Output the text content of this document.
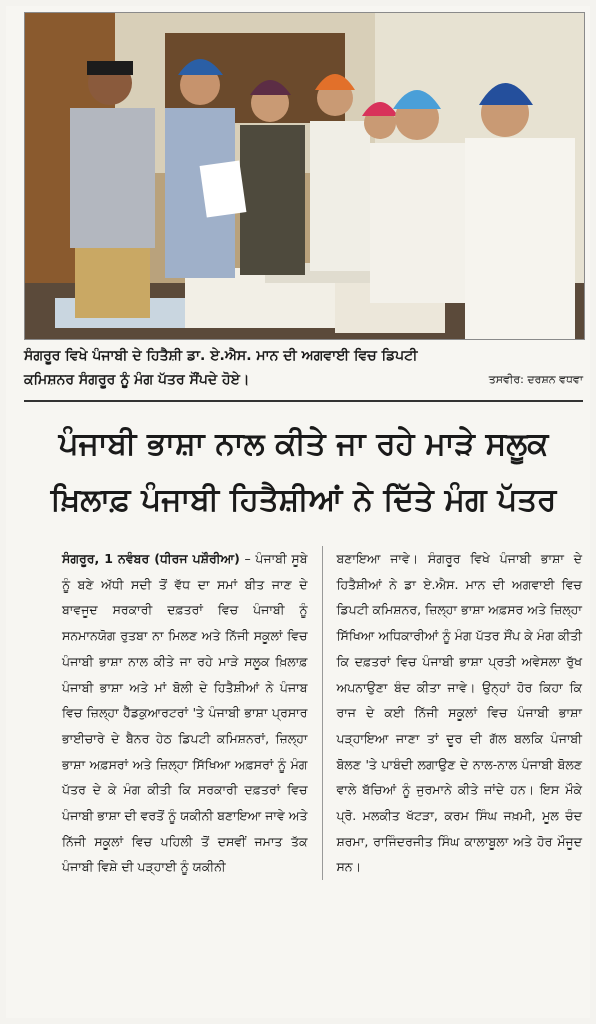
ਸੰਗਰੂਰ ਵਿਖੇ ਪੰਜਾਬੀ ਦੇ ਹਿਤੈਸ਼ੀ ਡਾ. ਏ.ਐਸ. ਮਾਨ ਦੀ ਅਗਵਾਈ ਵਿਚ ਡਿਪਟੀ
ਕਮਿਸ਼ਨਰ ਸੰਗਰੂਰ ਨੂੰ ਮੰਗ ਪੱਤਰ ਸੌਂਪਦੇ ਹੋਏ।	ਤਸਵੀਰ: ਦਰਸ਼ਨ ਵਧਵਾ
ਪੰਜਾਬੀ ਭਾਸ਼ਾ ਨਾਲ ਕੀਤੇ ਜਾ ਰਹੇ ਮਾੜੇ ਸਲੂਕ
ਖ਼ਿਲਾਫ਼ ਪੰਜਾਬੀ ਹਿਤੈਸ਼ੀਆਂ ਨੇ ਦਿੱਤੇ ਮੰਗ ਪੱਤਰ
ਸੰਗਰੂਰ, 1 ਨਵੰਬਰ (ਧੀਰਜ ਪਸ਼ੌਰੀਆ) – ਪੰਜਾਬੀ ਸੂਬੇ ਨੂੰ ਬਣੇ ਅੱਧੀ ਸਦੀ ਤੋਂ ਵੱਧ ਦਾ ਸਮਾਂ ਬੀਤ ਜਾਣ ਦੇ ਬਾਵਜੂਦ ਸਰਕਾਰੀ ਦਫ਼ਤਰਾਂ ਵਿਚ ਪੰਜਾਬੀ ਨੂੰ ਸਨਮਾਨਯੋਗ ਰੁਤਬਾ ਨਾ ਮਿਲਣ ਅਤੇ ਨਿੱਜੀ ਸਕੂਲਾਂ ਵਿਚ ਪੰਜਾਬੀ ਭਾਸ਼ਾ ਨਾਲ ਕੀਤੇ ਜਾ ਰਹੇ ਮਾੜੇ ਸਲੂਕ ਖ਼ਿਲਾਫ਼ ਪੰਜਾਬੀ ਭਾਸ਼ਾ ਅਤੇ ਮਾਂ ਬੋਲੀ ਦੇ ਹਿਤੈਸ਼ੀਆਂ ਨੇ ਪੰਜਾਬ ਵਿਚ ਜ਼ਿਲ੍ਹਾ ਹੈੱਡਕੁਆਰਟਰਾਂ 'ਤੇ ਪੰਜਾਬੀ ਭਾਸ਼ਾ ਪ੍ਰਸਾਰ ਭਾਈਚਾਰੇ ਦੇ ਬੈਨਰ ਹੇਠ ਡਿਪਟੀ ਕਮਿਸ਼ਨਰਾਂ, ਜ਼ਿਲ੍ਹਾ ਭਾਸ਼ਾ ਅਫ਼ਸਰਾਂ ਅਤੇ ਜ਼ਿਲ੍ਹਾ ਸਿੱਖਿਆ ਅਫ਼ਸਰਾਂ ਨੂੰ ਮੰਗ ਪੱਤਰ ਦੇ ਕੇ ਮੰਗ ਕੀਤੀ ਕਿ ਸਰਕਾਰੀ ਦਫ਼ਤਰਾਂ ਵਿਚ ਪੰਜਾਬੀ ਭਾਸ਼ਾ ਦੀ ਵਰਤੋਂ ਨੂੰ ਯਕੀਨੀ ਬਣਾਇਆ ਜਾਵੇ ਅਤੇ ਨਿੱਜੀ ਸਕੂਲਾਂ ਵਿਚ ਪਹਿਲੀ ਤੋਂ ਦਸਵੀਂ ਜਮਾਤ ਤੱਕ ਪੰਜਾਬੀ ਵਿਸ਼ੇ ਦੀ ਪੜ੍ਹਾਈ ਨੂੰ ਯਕੀਨੀ
ਬਣਾਇਆ ਜਾਵੇ। ਸੰਗਰੂਰ ਵਿਖੇ ਪੰਜਾਬੀ ਭਾਸ਼ਾ ਦੇ ਹਿਤੈਸ਼ੀਆਂ ਨੇ ਡਾ ਏ.ਐਸ. ਮਾਨ ਦੀ ਅਗਵਾਈ ਵਿਚ ਡਿਪਟੀ ਕਮਿਸ਼ਨਰ, ਜ਼ਿਲ੍ਹਾ ਭਾਸ਼ਾ ਅਫ਼ਸਰ ਅਤੇ ਜ਼ਿਲ੍ਹਾ ਸਿੱਖਿਆ ਅਧਿਕਾਰੀਆਂ ਨੂੰ ਮੰਗ ਪੱਤਰ ਸੌਂਪ ਕੇ ਮੰਗ ਕੀਤੀ ਕਿ ਦਫ਼ਤਰਾਂ ਵਿਚ ਪੰਜਾਬੀ ਭਾਸ਼ਾ ਪ੍ਰਤੀ ਅਵੇਸਲਾ ਰੁੱਖ ਅਪਨਾਉਣਾ ਬੰਦ ਕੀਤਾ ਜਾਵੇ। ਉਨ੍ਹਾਂ ਹੋਰ ਕਿਹਾ ਕਿ ਰਾਜ ਦੇ ਕਈ ਨਿੱਜੀ ਸਕੂਲਾਂ ਵਿਚ ਪੰਜਾਬੀ ਭਾਸ਼ਾ ਪੜ੍ਹਾਇਆ ਜਾਣਾ ਤਾਂ ਦੂਰ ਦੀ ਗੱਲ ਬਲਕਿ ਪੰਜਾਬੀ ਬੋਲਣ 'ਤੇ ਪਾਬੰਦੀ ਲਗਾਉਣ ਦੇ ਨਾਲ-ਨਾਲ ਪੰਜਾਬੀ ਬੋਲਣ ਵਾਲੇ ਬੱਚਿਆਂ ਨੂੰ ਜੁਰਮਾਨੇ ਕੀਤੇ ਜਾਂਦੇ ਹਨ। ਇਸ ਮੌਕੇ ਪ੍ਰੋ. ਮਲਕੀਤ ਖੱਟੜਾ, ਕਰਮ ਸਿੰਘ ਜਖ਼ਮੀ, ਮੂਲ ਚੰਦ ਸ਼ਰਮਾ, ਰਾਜਿੰਦਰਜੀਤ ਸਿੰਘ ਕਾਲਾਬੂਲਾ ਅਤੇ ਹੋਰ ਮੌਜੂਦ ਸਨ।
